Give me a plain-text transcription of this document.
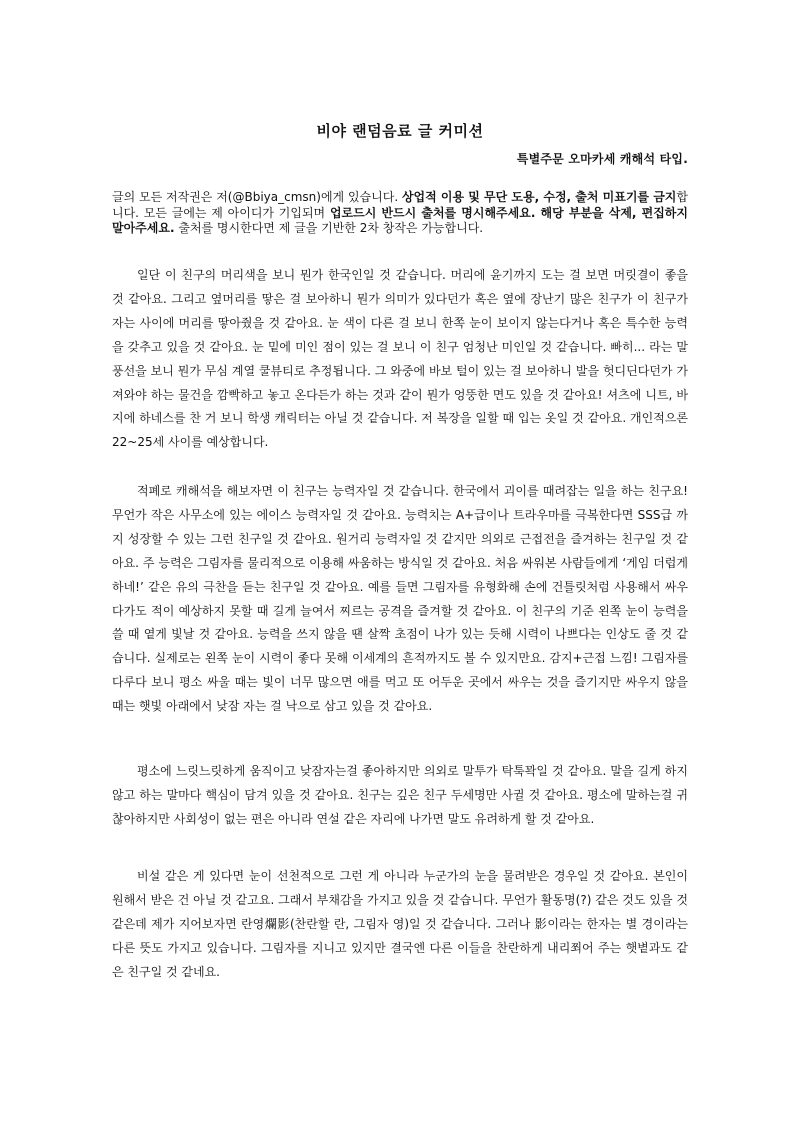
비야 랜덤음료 글 커미션
특별주문 오마카세 캐해석 타입.
글의 모든 저작권은 저(@Bbiya_cmsn)에게 있습니다. 상업적 이용 및 무단 도용, 수정, 출처 미표기를 금지합니다. 모든 글에는 제 아이디가 기입되며 업로드시 반드시 출처를 명시해주세요. 해당 부분을 삭제, 편집하지 말아주세요. 출처를 명시한다면 제 글을 기반한 2차 창작은 가능합니다.

일단 이 친구의 머리색을 보니 뭔가 한국인일 것 같습니다. 머리에 윤기까지 도는 걸 보면 머릿결이 좋을 것 같아요. 그리고 옆머리를 땋은 걸 보아하니 뭔가 의미가 있다던가 혹은 옆에 장난기 많은 친구가 이 친구가 자는 사이에 머리를 땋아줬을 것 같아요. 눈 색이 다른 걸 보니 한쪽 눈이 보이지 않는다거나 혹은 특수한 능력을 갖추고 있을 것 같아요. 눈 밑에 미인 점이 있는 걸 보니 이 친구 엄청난 미인일 것 같습니다. 빠히... 라는 말풍선을 보니 뭔가 무심 계열 쿨뷰티로 추정됩니다. 그 와중에 바보 털이 있는 걸 보아하니 발을 헛디딘다던가 가져와야 하는 물건을 깜빡하고 놓고 온다든가 하는 것과 같이 뭔가 엉뚱한 면도 있을 것 같아요! 셔츠에 니트, 바지에 하네스를 찬 거 보니 학생 캐릭터는 아닐 것 같습니다. 저 복장을 일할 때 입는 옷일 것 같아요. 개인적으론 22~25세 사이를 예상합니다.

적폐로 캐해석을 해보자면 이 친구는 능력자일 것 같습니다. 한국에서 괴이를 때려잡는 일을 하는 친구요! 무언가 작은 사무소에 있는 에이스 능력자일 것 같아요. 능력치는 A+급이나 트라우마를 극복한다면 SSS급 까지 성장할 수 있는 그런 친구일 것 같아요. 원거리 능력자일 것 같지만 의외로 근접전을 즐겨하는 친구일 것 같아요. 주 능력은 그림자를 물리적으로 이용해 싸움하는 방식일 것 같아요. 처음 싸워본 사람들에게 ‘게임 더럽게 하네!’ 같은 유의 극찬을 듣는 친구일 것 같아요. 예를 들면 그림자를 유형화해 손에 건틀릿처럼 사용해서 싸우다가도 적이 예상하지 못할 때 길게 늘여서 찌르는 공격을 즐겨할 것 같아요. 이 친구의 기준 왼쪽 눈이 능력을 쓸 때 옅게 빛날 것 같아요. 능력을 쓰지 않을 땐 살짝 초점이 나가 있는 듯해 시력이 나쁘다는 인상도 줄 것 같습니다. 실제로는 왼쪽 눈이 시력이 좋다 못해 이세계의 흔적까지도 볼 수 있지만요. 감지+근접 느낌! 그림자를 다루다 보니 평소 싸울 때는 빛이 너무 많으면 애를 먹고 또 어두운 곳에서 싸우는 것을 즐기지만 싸우지 않을 때는 햇빛 아래에서 낮잠 자는 걸 낙으로 삼고 있을 것 같아요.

평소에 느릿느릿하게 움직이고 낮잠자는걸 좋아하지만 의외로 말투가 탁툭꽉일 것 같아요. 말을 길게 하지 않고 하는 말마다 핵심이 담겨 있을 것 같아요. 친구는 깊은 친구 두세명만 사귈 것 같아요. 평소에 말하는걸 귀찮아하지만 사회성이 없는 편은 아니라 연설 같은 자리에 나가면 말도 유려하게 할 것 같아요.

비설 같은 게 있다면 눈이 선천적으로 그런 게 아니라 누군가의 눈을 물려받은 경우일 것 같아요. 본인이 원해서 받은 건 아닐 것 같고요. 그래서 부채감을 가지고 있을 것 같습니다. 무언가 활동명(?) 같은 것도 있을 것 같은데 제가 지어보자면 란영爛影(찬란할 란, 그림자 영)일 것 같습니다. 그러나 影이라는 한자는 별 경이라는 다른 뜻도 가지고 있습니다. 그림자를 지니고 있지만 결국엔 다른 이들을 찬란하게 내리쬐어 주는 햇볕과도 같은 친구일 것 같네요.
